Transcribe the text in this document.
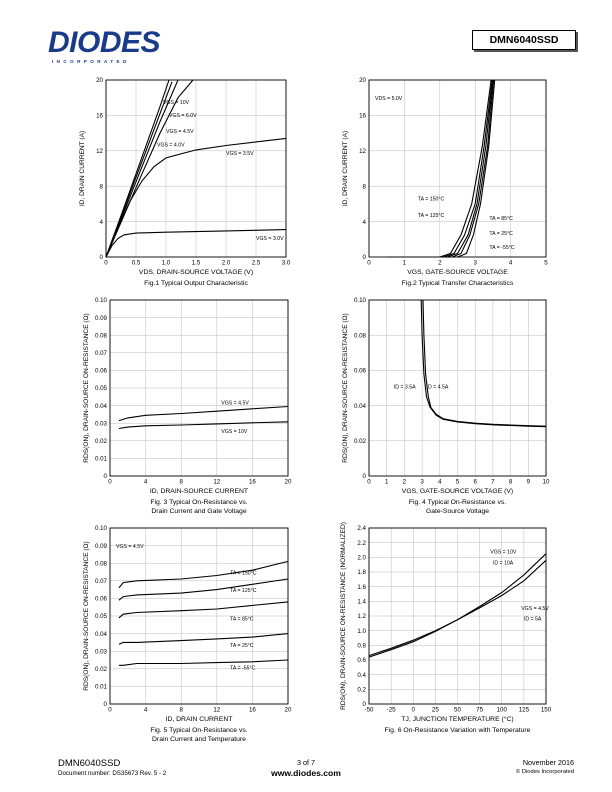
DIODES
INCORPORATED
DMN6040SSD
0	0.5	1.0	1.5	2.0	2.5	3.0
0
4
8
12
16
20
VGS = 10V
VGS = 6.0V
VGS = 4.5V
VGS = 4.0V
VGS = 3.5V
VGS = 3.0V
VDS, DRAIN-SOURCE VOLTAGE (V)
ID, DRAIN CURRENT (A)
Fig.1 Typical Output Characteristic
0	1	2	3	4	5
0
4
8
12
16
20
TA = 150°C
TA = 125°C	TA = 85°C
TA = 25°C
TA = -55°C
VDS = 5.0V
VGS, GATE-SOURCE VOLTAGE
ID, DRAIN CURRENT (A)
Fig.2 Typical Transfer Characteristics
0	4	8	12	16	20
0
0.01
0.02
0.03
0.04
0.05
0.06
0.07
0.08
0.09
0.10
VGS = 4.5V
VGS = 10V
ID, DRAIN-SOURCE CURRENT
RDS(ON), DRAIN-SOURCE ON-RESISTANCE (Ω)
Fig. 3 Typical On-Resistance vs.
Drain Current and Gate Voltage
0 1 2 3 4 5 6 7 8 9 10
0
0.02
0.04
0.06
0.08
0.10
ID = 3.5A ID = 4.5A
VGS, GATE-SOURCE VOLTAGE (V)
RDS(ON), DRAIN-SOURCE ON-RESISTANCE (Ω)
Fig. 4 Typical On-Resistance vs.
Gate-Source Voltage
0	4	8	12	16	20
0
0.01
0.02
0.03
0.04
0.05
0.06
0.07
0.08
0.09
0.10
TA = 150°C
TA = 125°C
TA = 85°C
TA = 25°C
TA = -55°C
VGS = 4.5V
ID, DRAIN CURRENT
RDS(ON), DRAIN-SOURCE ON-RESISTANCE (Ω)
Fig. 5 Typical On-Resistance vs.
Drain Current and Temperature
-50 -25	0	25 50 75 100 125 150
0
0.2
0.4
0.6
0.8
1.0
1.2
1.4
1.6
1.8
2.0
2.2
2.4
VGS = 10V
ID = 10A
VGS = 4.5V
ID = 5A
TJ, JUNCTION TEMPERATURE (°C)
RDS(ON), DRAIN-SOURCE ON-RESISTANCE (NORMALIZED)
Fig. 6 On-Resistance Variation with Temperature
DMN6040SSD
Document number: DS35673 Rev. 5 - 2
3 of 7
www.diodes.com
November 2016
© Diodes Incorporated
